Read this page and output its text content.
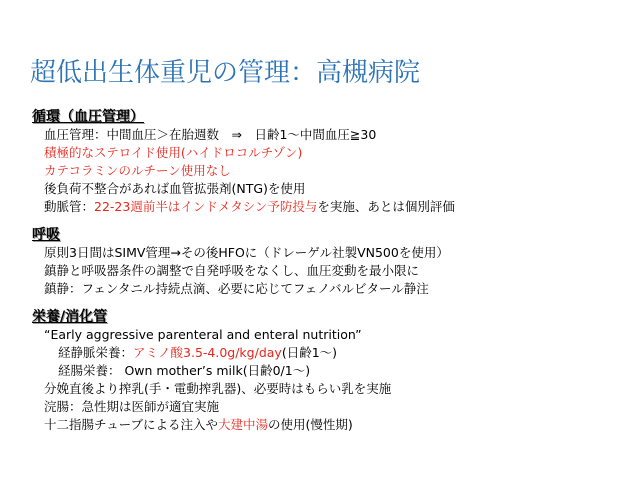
超低出生体重児の管理：高槻病院
循環（血圧管理）
血圧管理：中間血圧＞在胎週数　⇒　日齢1～中間血圧≧30
積極的なステロイド使用(ハイドロコルチゾン)
カテコラミンのルチーン使用なし
後負荷不整合があれば血管拡張剤(NTG)を使用
動脈管：22-23週前半はインドメタシン予防投与を実施、あとは個別評価
呼吸
原則3日間はSIMV管理→その後HFOに（ドレーゲル社製VN500を使用）
鎮静と呼吸器条件の調整で自発呼吸をなくし、血圧変動を最小限に
鎮静：フェンタニル持続点滴、必要に応じてフェノバルビタール静注
栄養/消化管
“Early aggressive parenteral and enteral nutrition”
経静脈栄養：アミノ酸3.5-4.0g/kg/day(日齢1～)
経腸栄養： Own mother’s milk(日齢0/1～)
分娩直後より搾乳(手・電動搾乳器)、必要時はもらい乳を実施
浣腸：急性期は医師が適宜実施
十二指腸チューブによる注入や大建中湯の使用(慢性期)
